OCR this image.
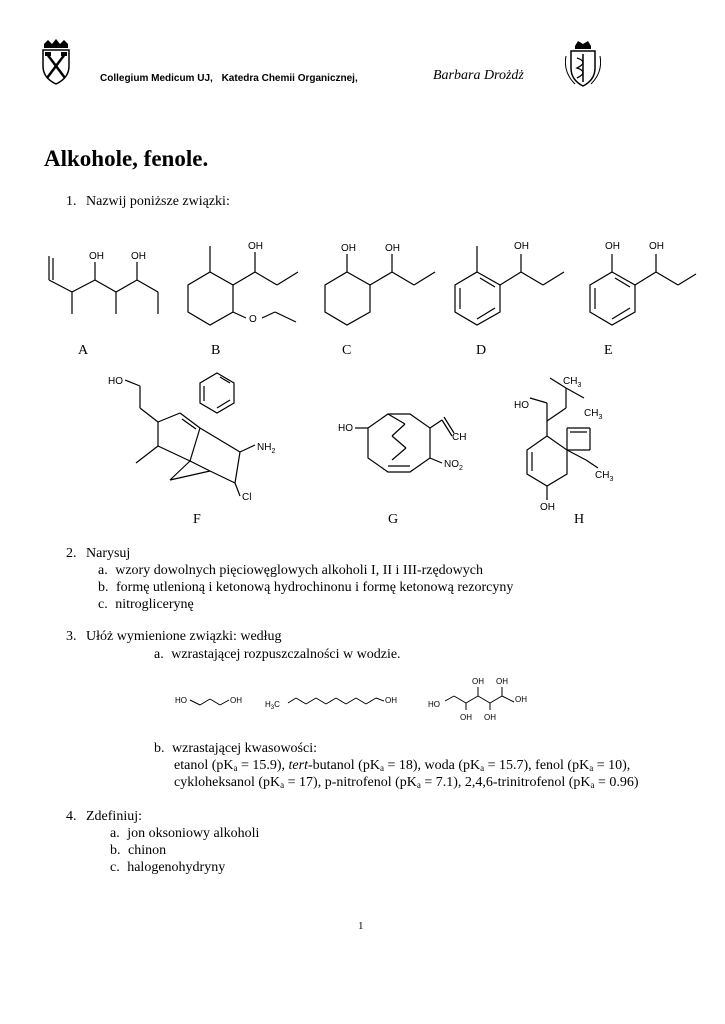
Collegium Medicum UJ, Katedra Chemii Organicznej,	Barbara Drożdż
Alkohole, fenole.
1. Nazwij poniższe związki:
OH	OH
OH
O
OH	OH	OH	OH	OH
A	B	C	D	E
HO
$NH_2$
Cl
HO
$NO_2$
CH
$CH_3$
$CH_3$
HO
$CH_3$
OH
F	G	H
2. Narysuj
a. wzory dowolnych pięciowęglowych alkoholi I, II i III-rzędowych
b. formę utlenioną i ketonową hydrochinonu i formę ketonową rezorcyny
c. nitroglicerynę
3. Ułóż wymienione związki: według
a. wzrastającej rozpuszczalności w wodzie.
HO	OH	$H_3C$	OH	HO
OH OH
OH OH
OH
b. wzrastającej kwasowości:
etanol $(pK_a = 15.9)$, tert-butanol $(pK_a = 18)$, woda $(pK_a = 15.7)$, fenol $(pK_a = 10)$,
cykloheksanol $(pK_a = 17)$, p-nitrofenol $(pK_a = 7.1)$, 2,4,6-trinitrofenol $(pK_a = 0.96)$
4. Zdefiniuj:
a. jon oksoniowy alkoholi
b. chinon
c. halogenohydryny
1
